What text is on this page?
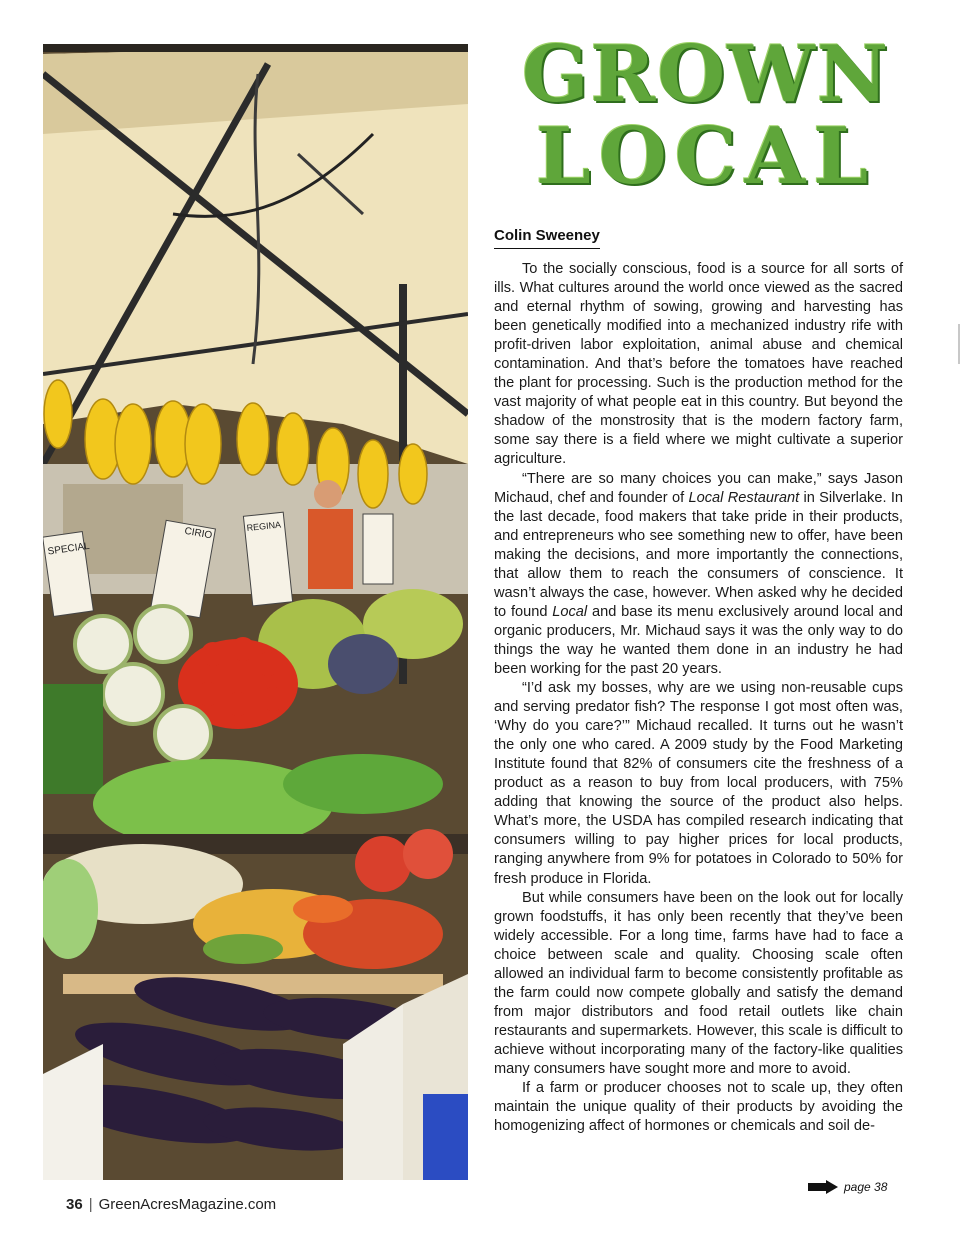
SPECIAL
CIRIO	REGINA
GROWN
LOCAL
Colin Sweeney

To the socially conscious, food is a source for all sorts of ills. What cultures around the world once viewed as the sacred and eternal rhythm of sowing, growing and harvesting has been genetically modified into a mechanized industry rife with profit-driven labor exploitation, animal abuse and chemical contamination. And that’s before the tomatoes have reached the plant for processing. Such is the production method for the vast majority of what people eat in this country. But beyond the shadow of the monstrosity that is the modern factory farm, some say there is a field where we might cultivate a superior agriculture.

“There are so many choices you can make,” says Jason Michaud, chef and founder of Local Restaurant in Silverlake. In the last decade, food makers that take pride in their products, and entrepreneurs who see something new to offer, have been making the decisions, and more importantly the connections, that allow them to reach the consumers of conscience. It wasn’t always the case, however. When asked why he decided to found Local and base its menu exclusively around local and organic producers, Mr. Michaud says it was the only way to do things the way he wanted them done in an industry he had been working for the past 20 years.

“I’d ask my bosses, why are we using non-reusable cups and serving predator fish? The response I got most often was, ‘Why do you care?’” Michaud recalled. It turns out he wasn’t the only one who cared. A 2009 study by the Food Marketing Institute found that 82% of consumers cite the freshness of a product as a reason to buy from local producers, with 75% adding that knowing the source of the product also helps. What’s more, the USDA has compiled research indicating that consumers willing to pay higher prices for local products, ranging anywhere from 9% for potatoes in Colorado to 50% for fresh produce in Florida.

But while consumers have been on the look out for locally grown foodstuffs, it has only been recently that they’ve been widely accessible. For a long time, farms have had to face a choice between scale and quality. Choosing scale often allowed an individual farm to become consistently profitable as the farm could now compete globally and satisfy the demand from major distributors and food retail outlets like chain restaurants and supermarkets. However, this scale is difficult to achieve without incorporating many of the factory-like qualities many consumers have sought more and more to avoid.

If a farm or producer chooses not to scale up, they often maintain the unique quality of their products by avoiding the homogenizing affect of hormones or chemicals and soil de-

page 38
36 | GreenAcresMagazine.com
